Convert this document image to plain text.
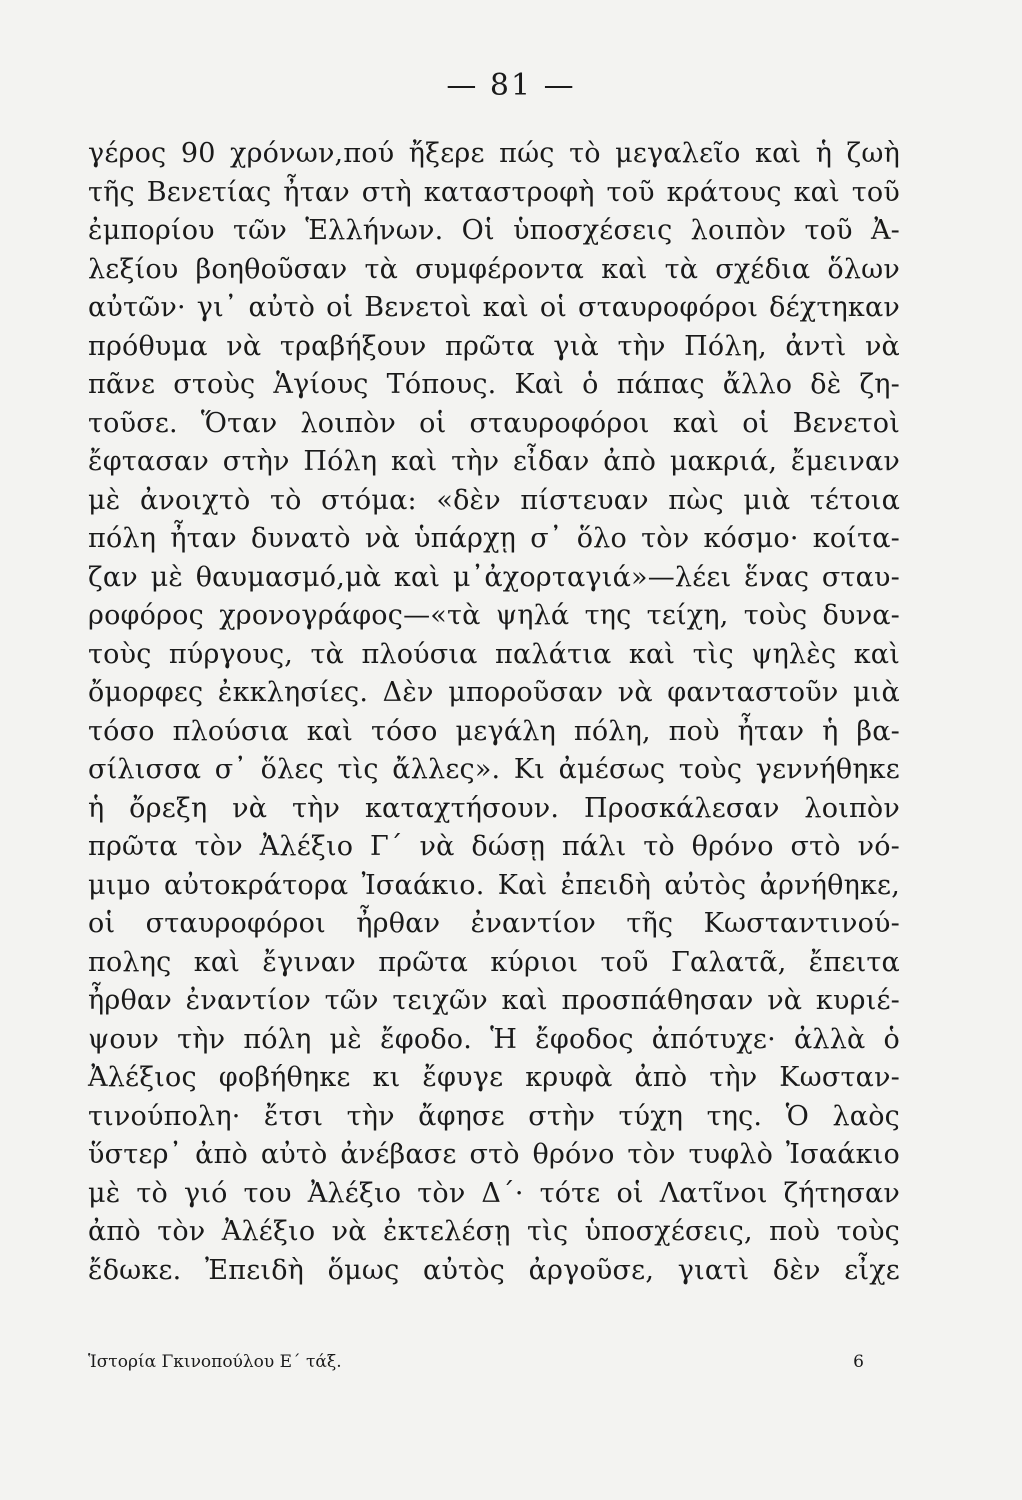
— 81 —
γέρος 90 χρόνων,πού ἤξερε πώς τὸ μεγαλεῖο καὶ ἡ ζωὴ
τῆς Βενετίας ἦταν στὴ καταστροφὴ τοῦ κράτους καὶ τοῦ
ἐμπορίου τῶν Ἑλλήνων. Οἱ ὑποσχέσεις λοιπὸν τοῦ Ἀ-
λεξίου βοηθοῦσαν τὰ συμφέροντα καὶ τὰ σχέδια ὅλων
αὐτῶν· γι᾽ αὐτὸ οἱ Βενετοὶ καὶ οἱ σταυροφόροι δέχτηκαν
πρόθυμα νὰ τραβήξουν πρῶτα γιὰ τὴν Πόλη, ἀντὶ νὰ
πᾶνε στοὺς Ἁγίους Τόπους. Καὶ ὁ πάπας ἄλλο δὲ ζη-
τοῦσε. Ὅταν λοιπὸν οἱ σταυροφόροι καὶ οἱ Βενετοὶ
ἔφτασαν στὴν Πόλη καὶ τὴν εἶδαν ἀπὸ μακριά, ἔμειναν
μὲ ἀνοιχτὸ τὸ στόμα: «δὲν πίστευαν πὼς μιὰ τέτοια
πόλη ἦταν δυνατὸ νὰ ὑπάρχῃ σ᾽ ὅλο τὸν κόσμο· κοίτα-
ζαν μὲ θαυμασμό,μὰ καὶ μ᾽ἀχορταγιά»—λέει ἕνας σταυ-
ροφόρος χρονογράφος—«τὰ ψηλά της τείχη, τοὺς δυνα-
τοὺς πύργους, τὰ πλούσια παλάτια καὶ τὶς ψηλὲς καὶ
ὄμορφες ἐκκλησίες. Δὲν μποροῦσαν νὰ φανταστοῦν μιὰ
τόσο πλούσια καὶ τόσο μεγάλη πόλη, ποὺ ἦταν ἡ βα-
σίλισσα σ᾽ ὅλες τὶς ἄλλες». Κι ἀμέσως τοὺς γεννήθηκε
ἡ ὄρεξη νὰ τὴν καταχτήσουν. Προσκάλεσαν λοιπὸν
πρῶτα τὸν Ἀλέξιο Γ΄ νὰ δώσῃ πάλι τὸ θρόνο στὸ νό-
μιμο αὐτοκράτορα Ἰσαάκιο. Καὶ ἐπειδὴ αὐτὸς ἀρνήθηκε,
οἱ σταυροφόροι ἦρθαν ἐναντίον τῆς Κωσταντινού-
πολης καὶ ἔγιναν πρῶτα κύριοι τοῦ Γαλατᾶ, ἔπειτα
ἦρθαν ἐναντίον τῶν τειχῶν καὶ προσπάθησαν νὰ κυριέ-
ψουν τὴν πόλη μὲ ἔφοδο. Ἡ ἔφοδος ἀπότυχε· ἀλλὰ ὁ
Ἀλέξιος φοβήθηκε κι ἔφυγε κρυφὰ ἀπὸ τὴν Κωσταν-
τινούπολη· ἔτσι τὴν ἄφησε στὴν τύχη της. Ὁ λαὸς
ὕστερ᾽ ἀπὸ αὐτὸ ἀνέβασε στὸ θρόνο τὸν τυφλὸ Ἰσαάκιο
μὲ τὸ γιό του Ἀλέξιο τὸν Δ΄· τότε οἱ Λατῖνοι ζήτησαν
ἀπὸ τὸν Ἀλέξιο νὰ ἐκτελέσῃ τὶς ὑποσχέσεις, ποὺ τοὺς
ἔδωκε. Ἐπειδὴ ὅμως αὐτὸς ἀργοῦσε, γιατὶ δὲν εἶχε
Ἱστορία Γκινοπούλου Ε΄ τάξ.	6
